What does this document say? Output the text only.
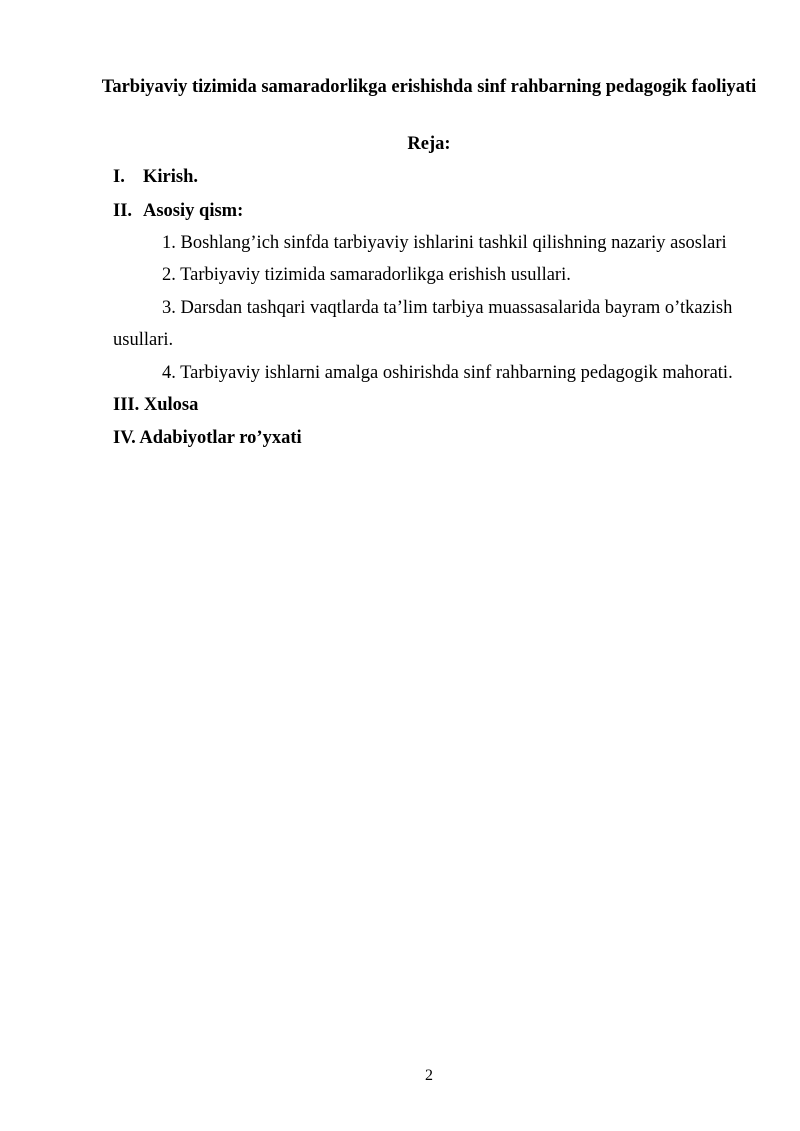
Tarbiyaviy tizimida samaradorlikga erishishda sinf rahbarning pedagogik faoliyati
Reja:

I. Kirish.

II. Asosiy qism:

1. Boshlang’ich sinfda tarbiyaviy ishlarini tashkil qilishning nazariy asoslari

2. Tarbiyaviy tizimida samaradorlikga erishish usullari.

3. Darsdan tashqari vaqtlarda ta’lim tarbiya muassasalarida bayram o’tkazish

usullari.

4. Tarbiyaviy ishlarni amalga oshirishda sinf rahbarning pedagogik mahorati.

III. Xulosa

IV. Adabiyotlar ro’yxati

2
